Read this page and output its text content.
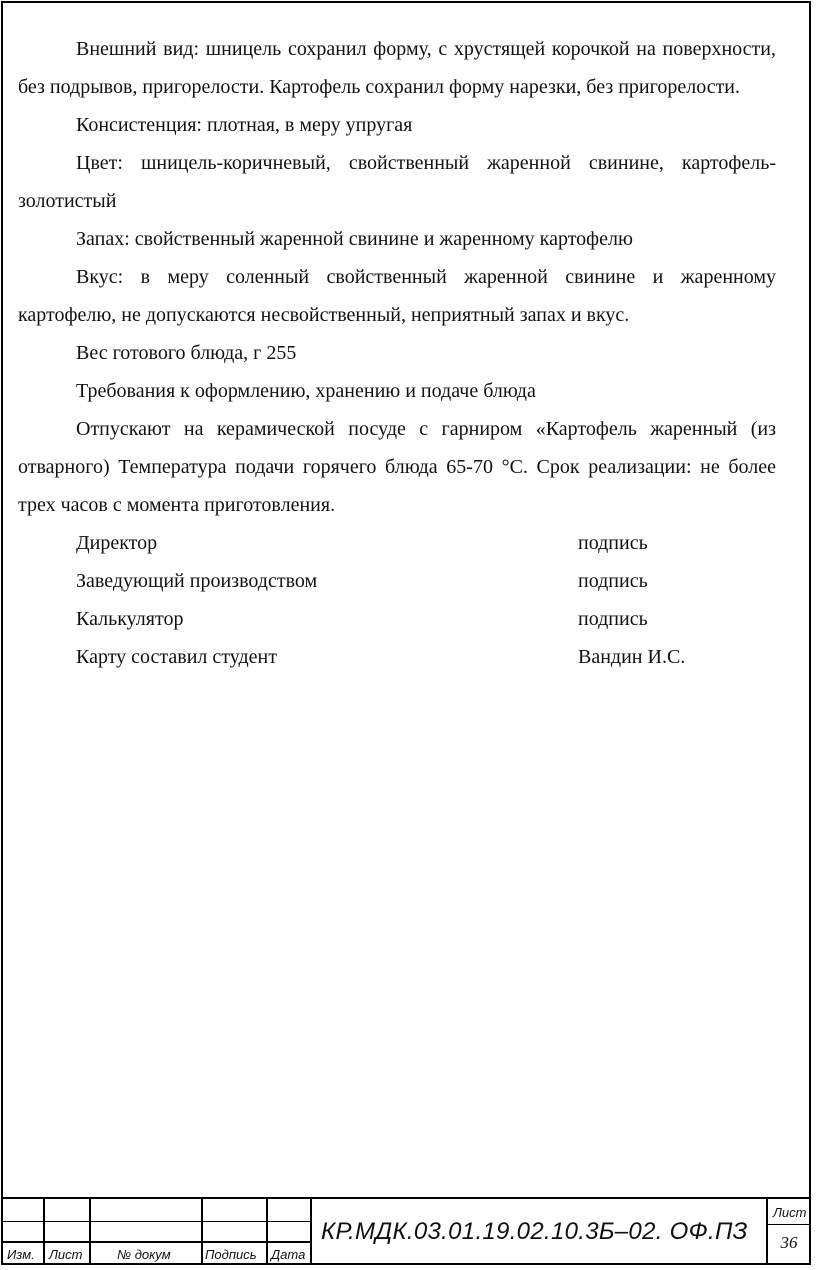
Внешний вид: шницель сохранил форму, с хрустящей корочкой на поверхности, без подрывов, пригорелости. Картофель сохранил форму нарезки, без пригорелости.

Консистенция: плотная, в меру упругая

Цвет: шницель-коричневый, свойственный жаренной свинине, картофель-золотистый

Запах: свойственный жаренной свинине и жаренному картофелю

Вкус: в меру соленный свойственный жаренной свинине и жаренному картофелю, не допускаются несвойственный, неприятный запах и вкус.

Вес готового блюда, г 255

Требования к оформлению, хранению и подаче блюда

Отпускают на керамической посуде с гарниром «Картофель жаренный (из отварного) Температура подачи горячего блюда 65-70 °С. Срок реализации: не более трех часов с момента приготовления.

Директор	подпись
Заведующий производством	подпись
Калькулятор	подпись
Карту составил студент	Вандин И.С.
Изм. Лист	№ докум	Подпись Дата
КР.МДК.03.01.19.02.10.3Б–02. ОФ.ПЗ
Лист
36
